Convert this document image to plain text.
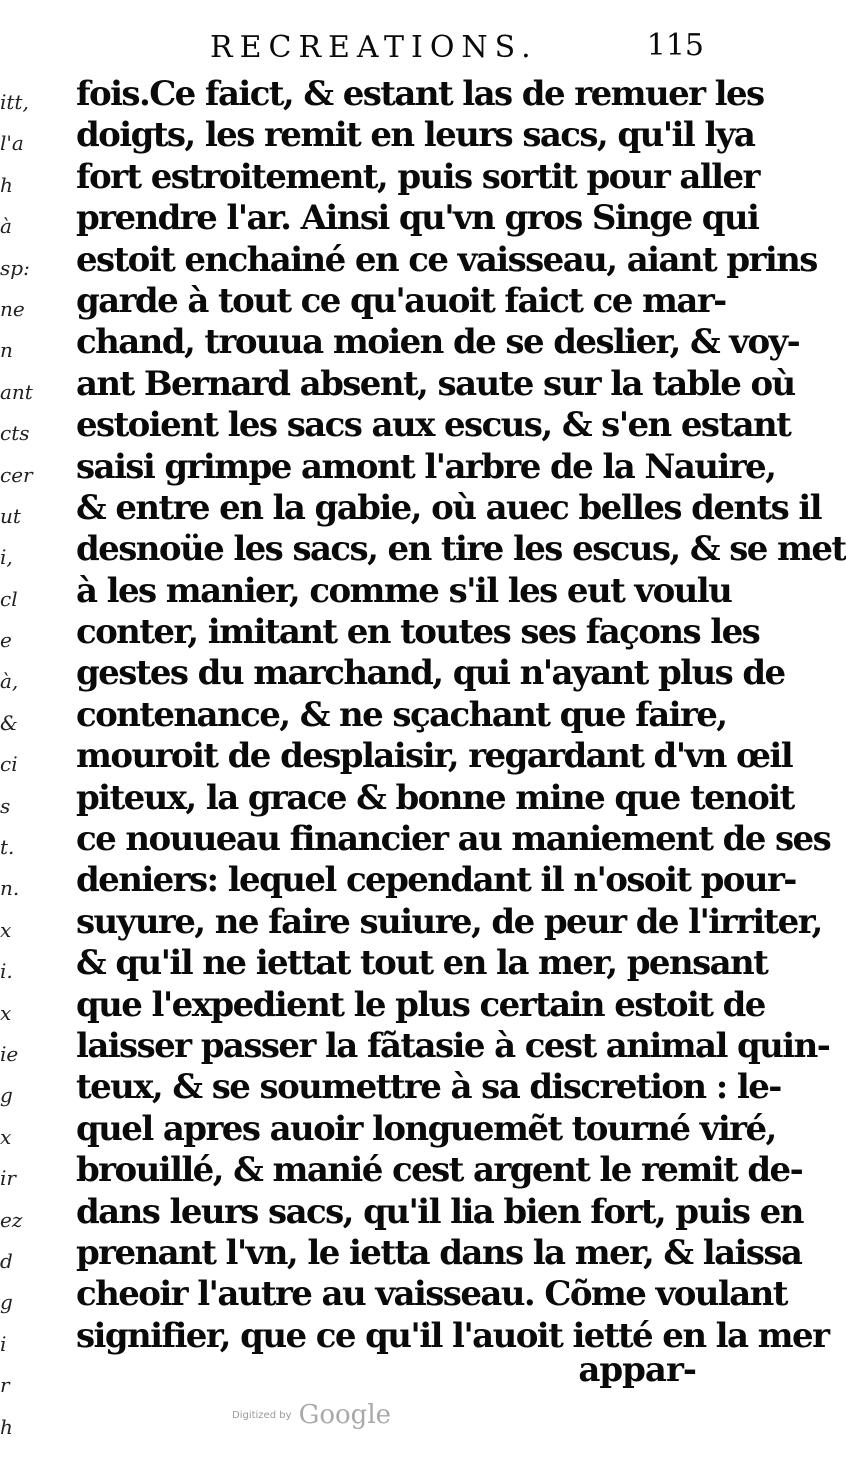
RECREATIONS.	115
itt,
l'a
h
à
sp:
ne
n
ant
cts
cer
ut
i,
cl
e
à,
&
ci
s
t.
n.
x
i.
x
ie
g
x
ir
ez
d
g
i
r
h
fois.Ce faict, & estant las de remuer les
doigts, les remit en leurs sacs, qu'il lya
fort estroitement, puis sortit pour aller
prendre l'ar. Ainsi qu'vn gros Singe qui
estoit enchainé en ce vaisseau, aiant prins
garde à tout ce qu'auoit faict ce mar-
chand, trouua moien de se deslier, & voy-
ant Bernard absent, saute sur la table où
estoient les sacs aux escus, & s'en estant
saisi grimpe amont l'arbre de la Nauire,
& entre en la gabie, où auec belles dents il
desnoüe les sacs, en tire les escus, & se met
à les manier, comme s'il les eut voulu
conter, imitant en toutes ses façons les
gestes du marchand, qui n'ayant plus de
contenance, & ne sçachant que faire,
mouroit de desplaisir, regardant d'vn œil
piteux, la grace & bonne mine que tenoit
ce nouueau financier au maniement de ses
deniers: lequel cependant il n'osoit pour-
suyure, ne faire suiure, de peur de l'irriter,
& qu'il ne iettat tout en la mer, pensant
que l'expedient le plus certain estoit de
laisser passer la fãtasie à cest animal quin-
teux, & se soumettre à sa discretion : le-
quel apres auoir longuemẽt tourné viré,
brouillé, & manié cest argent le remit de-
dans leurs sacs, qu'il lia bien fort, puis en
prenant l'vn, le ietta dans la mer, & laissa
cheoir l'autre au vaisseau. Cõme voulant
signifier, que ce qu'il l'auoit ietté en la mer
appar-
Digitized by Google
